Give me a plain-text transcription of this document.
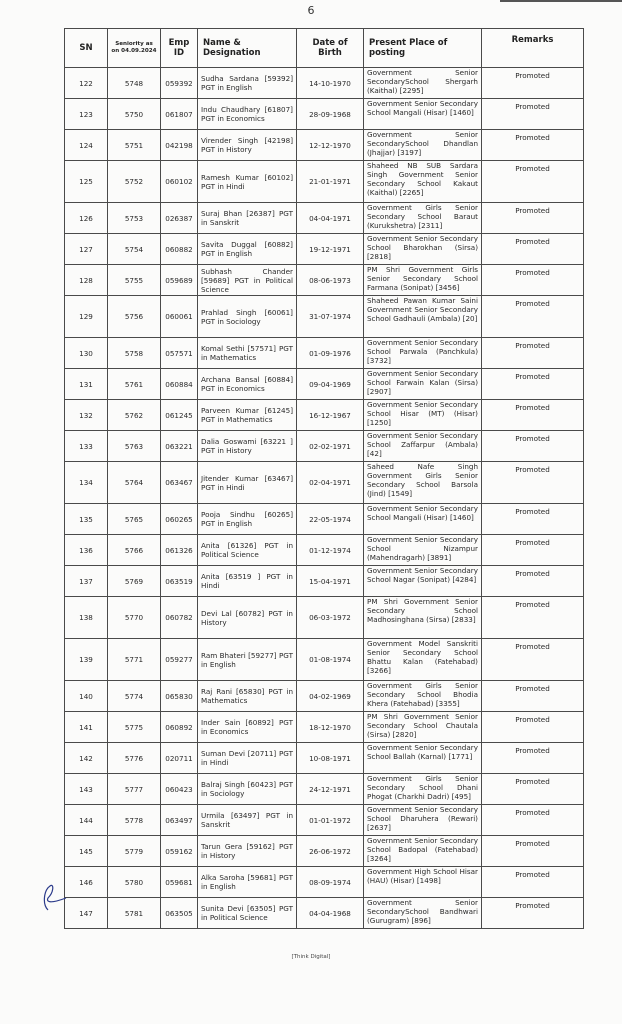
6
SN	Seniority as on 04.09.2024	Emp ID	Name & Designation	Date of Birth	Present Place of posting	Remarks
122	5748	059392	Sudha Sardana [59392] PGT in English	14-10-1970	Government Senior SecondarySchool Shergarh (Kaithal) [2295]	Promoted
123	5750	061807	Indu Chaudhary [61807] PGT in Economics	28-09-1968	Government Senior Secondary School Mangali (Hisar) [1460]	Promoted
124	5751	042198	Virender Singh [42198] PGT in History	12-12-1970	Government Senior SecondarySchool Dhandlan (Jhajjar) [3197]	Promoted
125	5752	060102	Ramesh Kumar [60102] PGT in Hindi	21-01-1971	Shaheed NB SUB Sardara Singh Government Senior Secondary School Kakaut (Kaithal) [2265]	Promoted
126	5753	026387	Suraj Bhan [26387] PGT in Sanskrit	04-04-1971	Government Girls Senior Secondary School Baraut (Kurukshetra) [2311]	Promoted
127	5754	060882	Savita Duggal [60882] PGT in English	19-12-1971	Government Senior Secondary School Bharokhan (Sirsa) [2818]	Promoted
128	5755	059689	Subhash Chander [59689] PGT in Political Science	08-06-1973	PM Shri Government Girls Senior Secondary School Farmana (Sonipat) [3456]	Promoted
129	5756	060061	Prahlad Singh [60061] PGT in Sociology	31-07-1974	Shaheed Pawan Kumar Saini Government Senior Secondary School Gadhauli (Ambala) [20]	Promoted
130	5758	057571	Komal Sethi [57571] PGT in Mathematics	01-09-1976	Government Senior Secondary School Parwala (Panchkula) [3732]	Promoted
131	5761	060884	Archana Bansal [60884] PGT in Economics	09-04-1969	Government Senior Secondary School Farwain Kalan (Sirsa) [2907]	Promoted
132	5762	061245	Parveen Kumar [61245] PGT in Mathematics	16-12-1967	Government Senior Secondary School Hisar (MT) (Hisar) [1250]	Promoted
133	5763	063221	Dalia Goswami [63221 ] PGT in History	02-02-1971	Government Senior Secondary School Zaffarpur (Ambala) [42]	Promoted
134	5764	063467	Jitender Kumar [63467] PGT in Hindi	02-04-1971	Saheed Nafe Singh Government Girls Senior Secondary School Barsola (Jind) [1549]	Promoted
135	5765	060265	Pooja Sindhu [60265] PGT in English	22-05-1974	Government Senior Secondary School Mangali (Hisar) [1460]	Promoted
136	5766	061326	Anita [61326] PGT in Political Science	01-12-1974	Government Senior Secondary School Nizampur (Mahendragarh) [3891]	Promoted
137	5769	063519	Anita [63519 ] PGT in Hindi	15-04-1971	Government Senior Secondary School Nagar (Sonipat) [4284]	Promoted
138	5770	060782	Devi Lal [60782] PGT in History	06-03-1972	PM Shri Government Senior Secondary School Madhosinghana (Sirsa) [2833]	Promoted
139	5771	059277	Ram Bhateri [59277] PGT in English	01-08-1974	Government Model Sanskriti Senior Secondary School Bhattu Kalan (Fatehabad) [3266]	Promoted
140	5774	065830	Raj Rani [65830] PGT in Mathematics	04-02-1969	Government Girls Senior Secondary School Bhodia Khera (Fatehabad) [3355]	Promoted
141	5775	060892	Inder Sain [60892] PGT in Economics	18-12-1970	PM Shri Government Senior Secondary School Chautala (Sirsa) [2820]	Promoted
142	5776	020711	Suman Devi [20711] PGT in Hindi	10-08-1971	Government Senior Secondary School Ballah (Karnal) [1771]	Promoted
143	5777	060423	Balraj Singh [60423] PGT in Sociology	24-12-1971	Government Girls Senior Secondary School Dhani Phogat (Charkhi Dadri) [495]	Promoted
144	5778	063497	Urmila [63497] PGT in Sanskrit	01-01-1972	Government Senior Secondary School Dharuhera (Rewari) [2637]	Promoted
145	5779	059162	Tarun Gera [59162] PGT in History	26-06-1972	Government Senior Secondary School Badopal (Fatehabad) [3264]	Promoted
146	5780	059681	Alka Saroha [59681] PGT in English	08-09-1974	Government High School Hisar (HAU) (Hisar) [1498]	Promoted
147	5781	063505	Sunita Devi [63505] PGT in Political Science	04-04-1968	Government Senior SecondarySchool Bandhwari (Gurugram) [896]	Promoted
[Think Digital]
